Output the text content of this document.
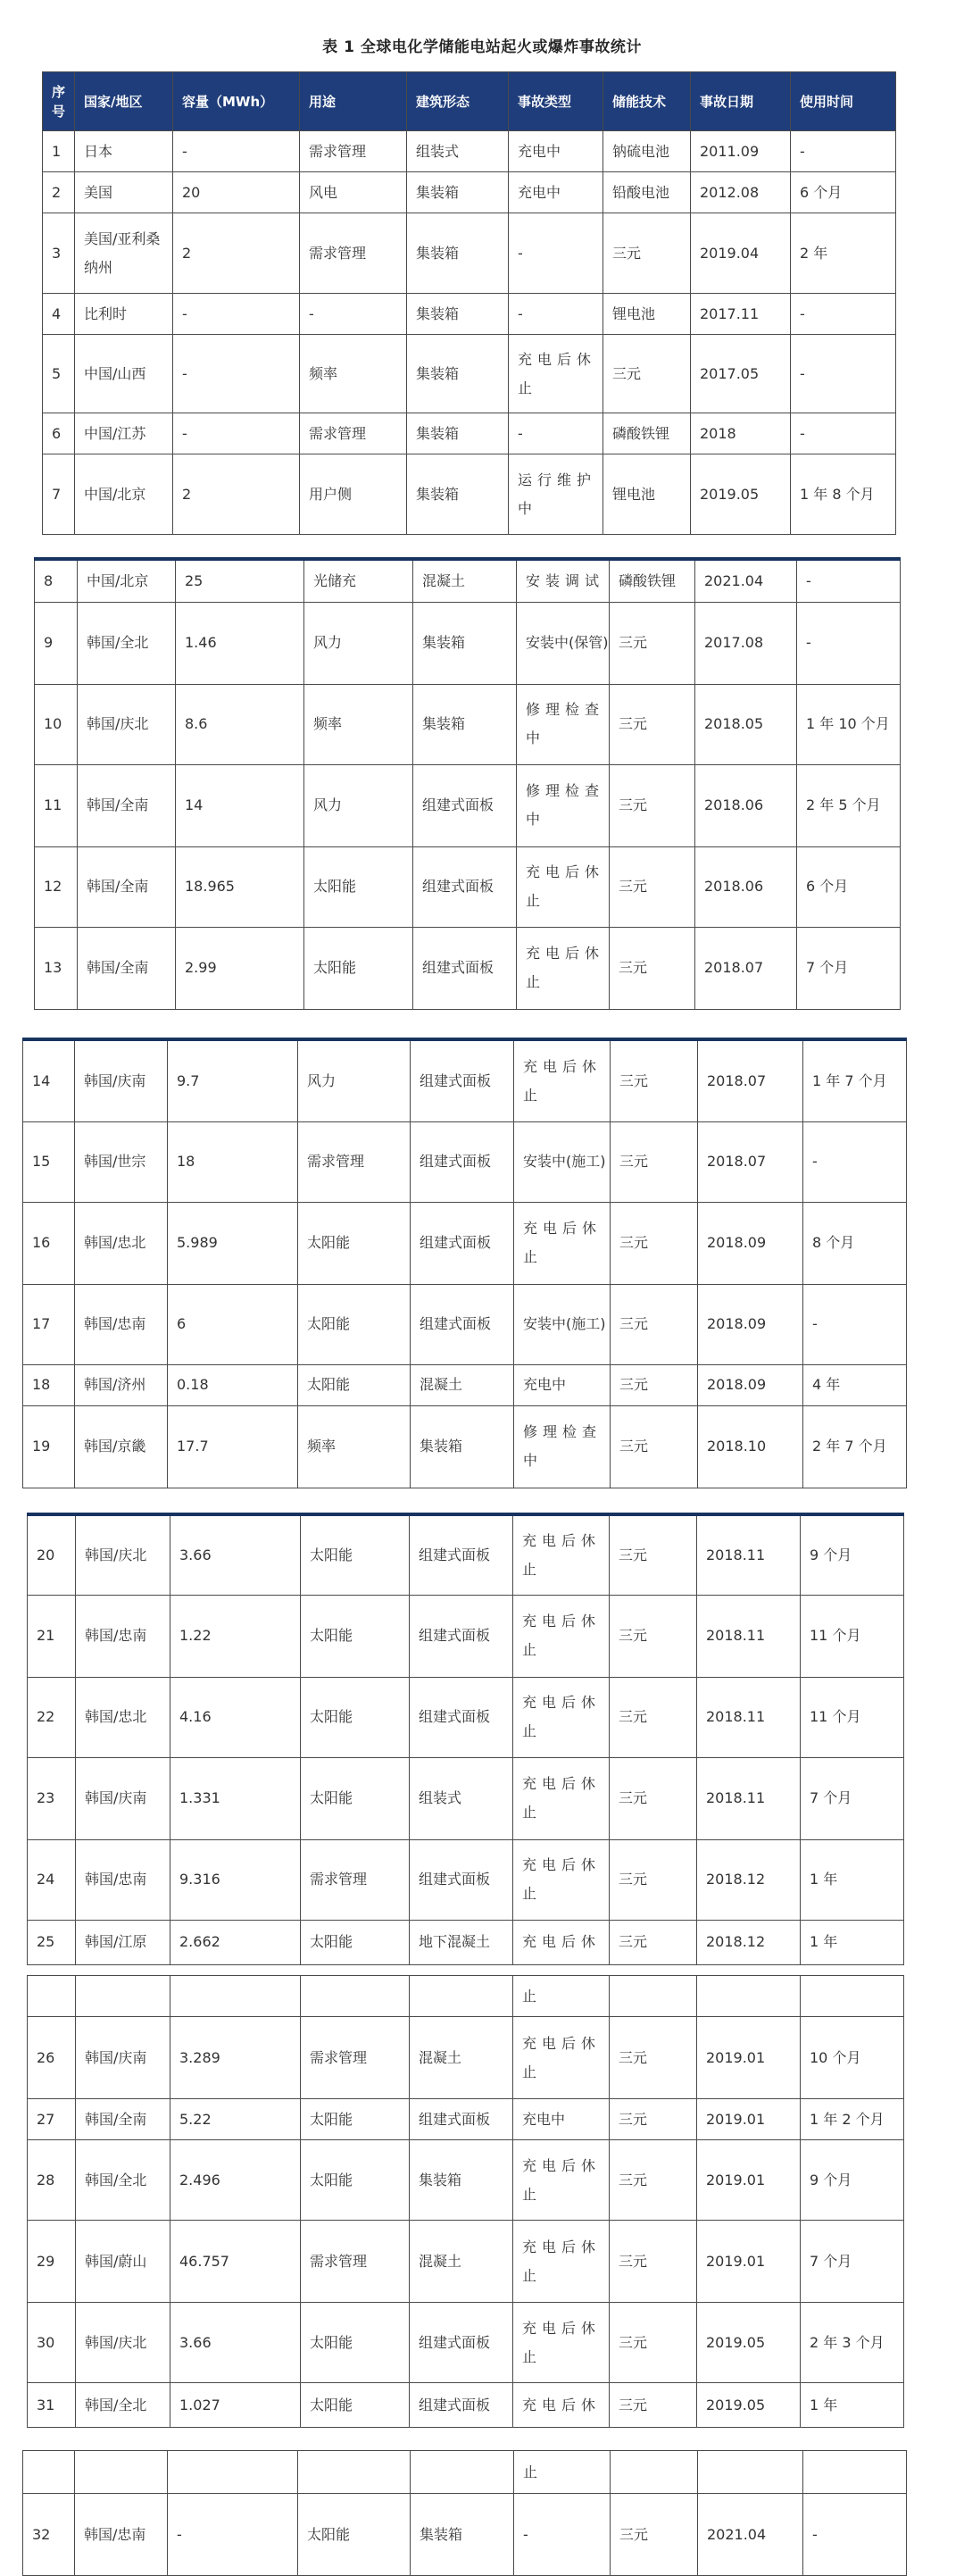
表 1 全球电化学储能电站起火或爆炸事故统计
序号	国家/地区	容量（MWh）	用途	建筑形态	事故类型	储能技术	事故日期	使用时间
1	日本	-	需求管理	组装式	充电中	钠硫电池	2011.09	-
2	美国	20	风电	集装箱	充电中	铅酸电池	2012.08	6 个月
3	美国/亚利桑纳州	2	需求管理	集装箱	-	三元	2019.04	2 年
4	比利时	-	-	集装箱	-	锂电池	2017.11	-
5	中国/山西	-	频率	集装箱	充电后休止	三元	2017.05	-
6	中国/江苏	-	需求管理	集装箱	-	磷酸铁锂	2018	-
7	中国/北京	2	用户侧	集装箱	运行维护中	锂电池	2019.05	1 年 8 个月
8	中国/北京	25	光储充	混凝土	安装调试	磷酸铁锂	2021.04	-
9	韩国/全北	1.46	风力	集装箱	安装中(保管)	三元	2017.08	-
10	韩国/庆北	8.6	频率	集装箱	修理检查中	三元	2018.05	1 年 10 个月
11	韩国/全南	14	风力	组建式面板	修理检查中	三元	2018.06	2 年 5 个月
12	韩国/全南	18.965	太阳能	组建式面板	充电后休止	三元	2018.06	6 个月
13	韩国/全南	2.99	太阳能	组建式面板	充电后休止	三元	2018.07	7 个月
14	韩国/庆南	9.7	风力	组建式面板	充电后休止	三元	2018.07	1 年 7 个月
15	韩国/世宗	18	需求管理	组建式面板	安装中(施工)	三元	2018.07	-
16	韩国/忠北	5.989	太阳能	组建式面板	充电后休止	三元	2018.09	8 个月
17	韩国/忠南	6	太阳能	组建式面板	安装中(施工)	三元	2018.09	-
18	韩国/济州	0.18	太阳能	混凝土	充电中	三元	2018.09	4 年
19	韩国/京畿	17.7	频率	集装箱	修理检查中	三元	2018.10	2 年 7 个月
20	韩国/庆北	3.66	太阳能	组建式面板	充电后休止	三元	2018.11	9 个月
21	韩国/忠南	1.22	太阳能	组建式面板	充电后休止	三元	2018.11	11 个月
22	韩国/忠北	4.16	太阳能	组建式面板	充电后休止	三元	2018.11	11 个月
23	韩国/庆南	1.331	太阳能	组装式	充电后休止	三元	2018.11	7 个月
24	韩国/忠南	9.316	需求管理	组建式面板	充电后休止	三元	2018.12	1 年
25	韩国/江原	2.662	太阳能	地下混凝土	充电后休	三元	2018.12	1 年
					止			
26	韩国/庆南	3.289	需求管理	混凝土	充电后休止	三元	2019.01	10 个月
27	韩国/全南	5.22	太阳能	组建式面板	充电中	三元	2019.01	1 年 2 个月
28	韩国/全北	2.496	太阳能	集装箱	充电后休止	三元	2019.01	9 个月
29	韩国/蔚山	46.757	需求管理	混凝土	充电后休止	三元	2019.01	7 个月
30	韩国/庆北	3.66	太阳能	组建式面板	充电后休止	三元	2019.05	2 年 3 个月
31	韩国/全北	1.027	太阳能	组建式面板	充电后休	三元	2019.05	1 年
					止			
32	韩国/忠南	-	太阳能	集装箱	-	三元	2021.04	-
